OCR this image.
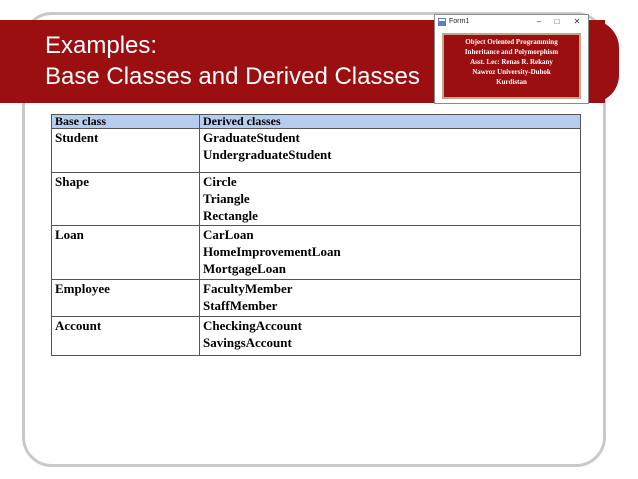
Examples:
Base Classes and Derived Classes
Form1	–	□	✕
Object Oriented Programming
Inheritance and Polymorphism
Asst. Lec: Renas R. Rekany
Nawroz University-Duhok
Kurdistan
Base class	Derived classes
Student	GraduateStudent
UndergraduateStudent

Shape	Circle
Triangle
Rectangle

Loan	CarLoan
HomeImprovementLoan
MortgageLoan

Employee	FacultyMember
StaffMember

Account	CheckingAccount
SavingsAccount
